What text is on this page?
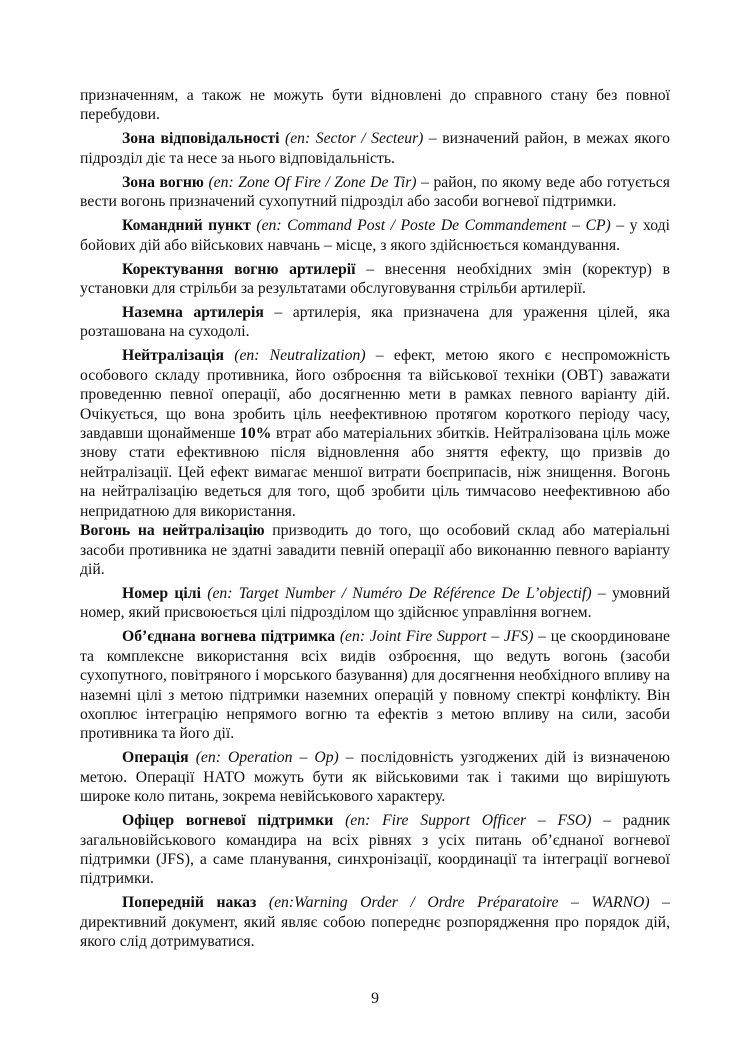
призначенням, а також не можуть бути відновлені до справного стану без повної перебудови.

Зона відповідальності (en: Sector / Secteur) – визначений район, в межах якого підрозділ діє та несе за нього відповідальність.

Зона вогню (en: Zone Of Fire / Zone De Tir) – район, по якому веде або готується вести вогонь призначений сухопутний підрозділ або засоби вогневої підтримки.

Командний пункт (en: Command Post / Poste De Commandement – CP) – у ході бойових дій або військових навчань – місце, з якого здійснюється командування.

Коректування вогню артилерії – внесення необхідних змін (коректур) в установки для стрільби за результатами обслуговування стрільби артилерії.

Наземна артилерія – артилерія, яка призначена для ураження цілей, яка розташована на суходолі.

Нейтралізація (en: Neutralization) – ефект, метою якого є неспроможність особового складу противника, його озброєння та військової техніки (ОВТ) заважати проведенню певної операції, або досягненню мети в рамках певного варіанту дій. Очікується, що вона зробить ціль неефективною протягом короткого періоду часу, завдавши щонайменше 10% втрат або матеріальних збитків. Нейтралізована ціль може знову стати ефективною після відновлення або зняття ефекту, що призвів до нейтралізації. Цей ефект вимагає меншої витрати боєприпасів, ніж знищення. Вогонь на нейтралізацію ведеться для того, щоб зробити ціль тимчасово неефективною або непридатною для використання.

Вогонь на нейтралізацію призводить до того, що особовий склад або матеріальні засоби противника не здатні завадити певній операції або виконанню певного варіанту дій.

Номер цілі (en: Target Number / Numéro De Référence De L’objectif) – умовний номер, який присвоюється цілі підрозділом що здійснює управління вогнем.

Об’єднана вогнева підтримка (en: Joint Fire Support – JFS) – це скоординоване та комплексне використання всіх видів озброєння, що ведуть вогонь (засоби сухопутного, повітряного і морського базування) для досягнення необхідного впливу на наземні цілі з метою підтримки наземних операцій у повному спектрі конфлікту. Він охоплює інтеграцію непрямого вогню та ефектів з метою впливу на сили, засоби противника та його дії.

Операція (en: Operation – Op) – послідовність узгоджених дій із визначеною метою. Операції НАТО можуть бути як військовими так і такими що вирішують широке коло питань, зокрема невійськового характеру.

Офіцер вогневої підтримки (en: Fire Support Officer – FSO) – радник загальновійськового командира на всіх рівнях з усіх питань об’єднаної вогневої підтримки (JFS), а саме планування, синхронізації, координації та інтеграції вогневої підтримки.

Попередній наказ (en:Warning Order / Ordre Préparatoire – WARNO) – директивний документ, який являє собою попереднє розпорядження про порядок дій, якого слід дотримуватися.

9
